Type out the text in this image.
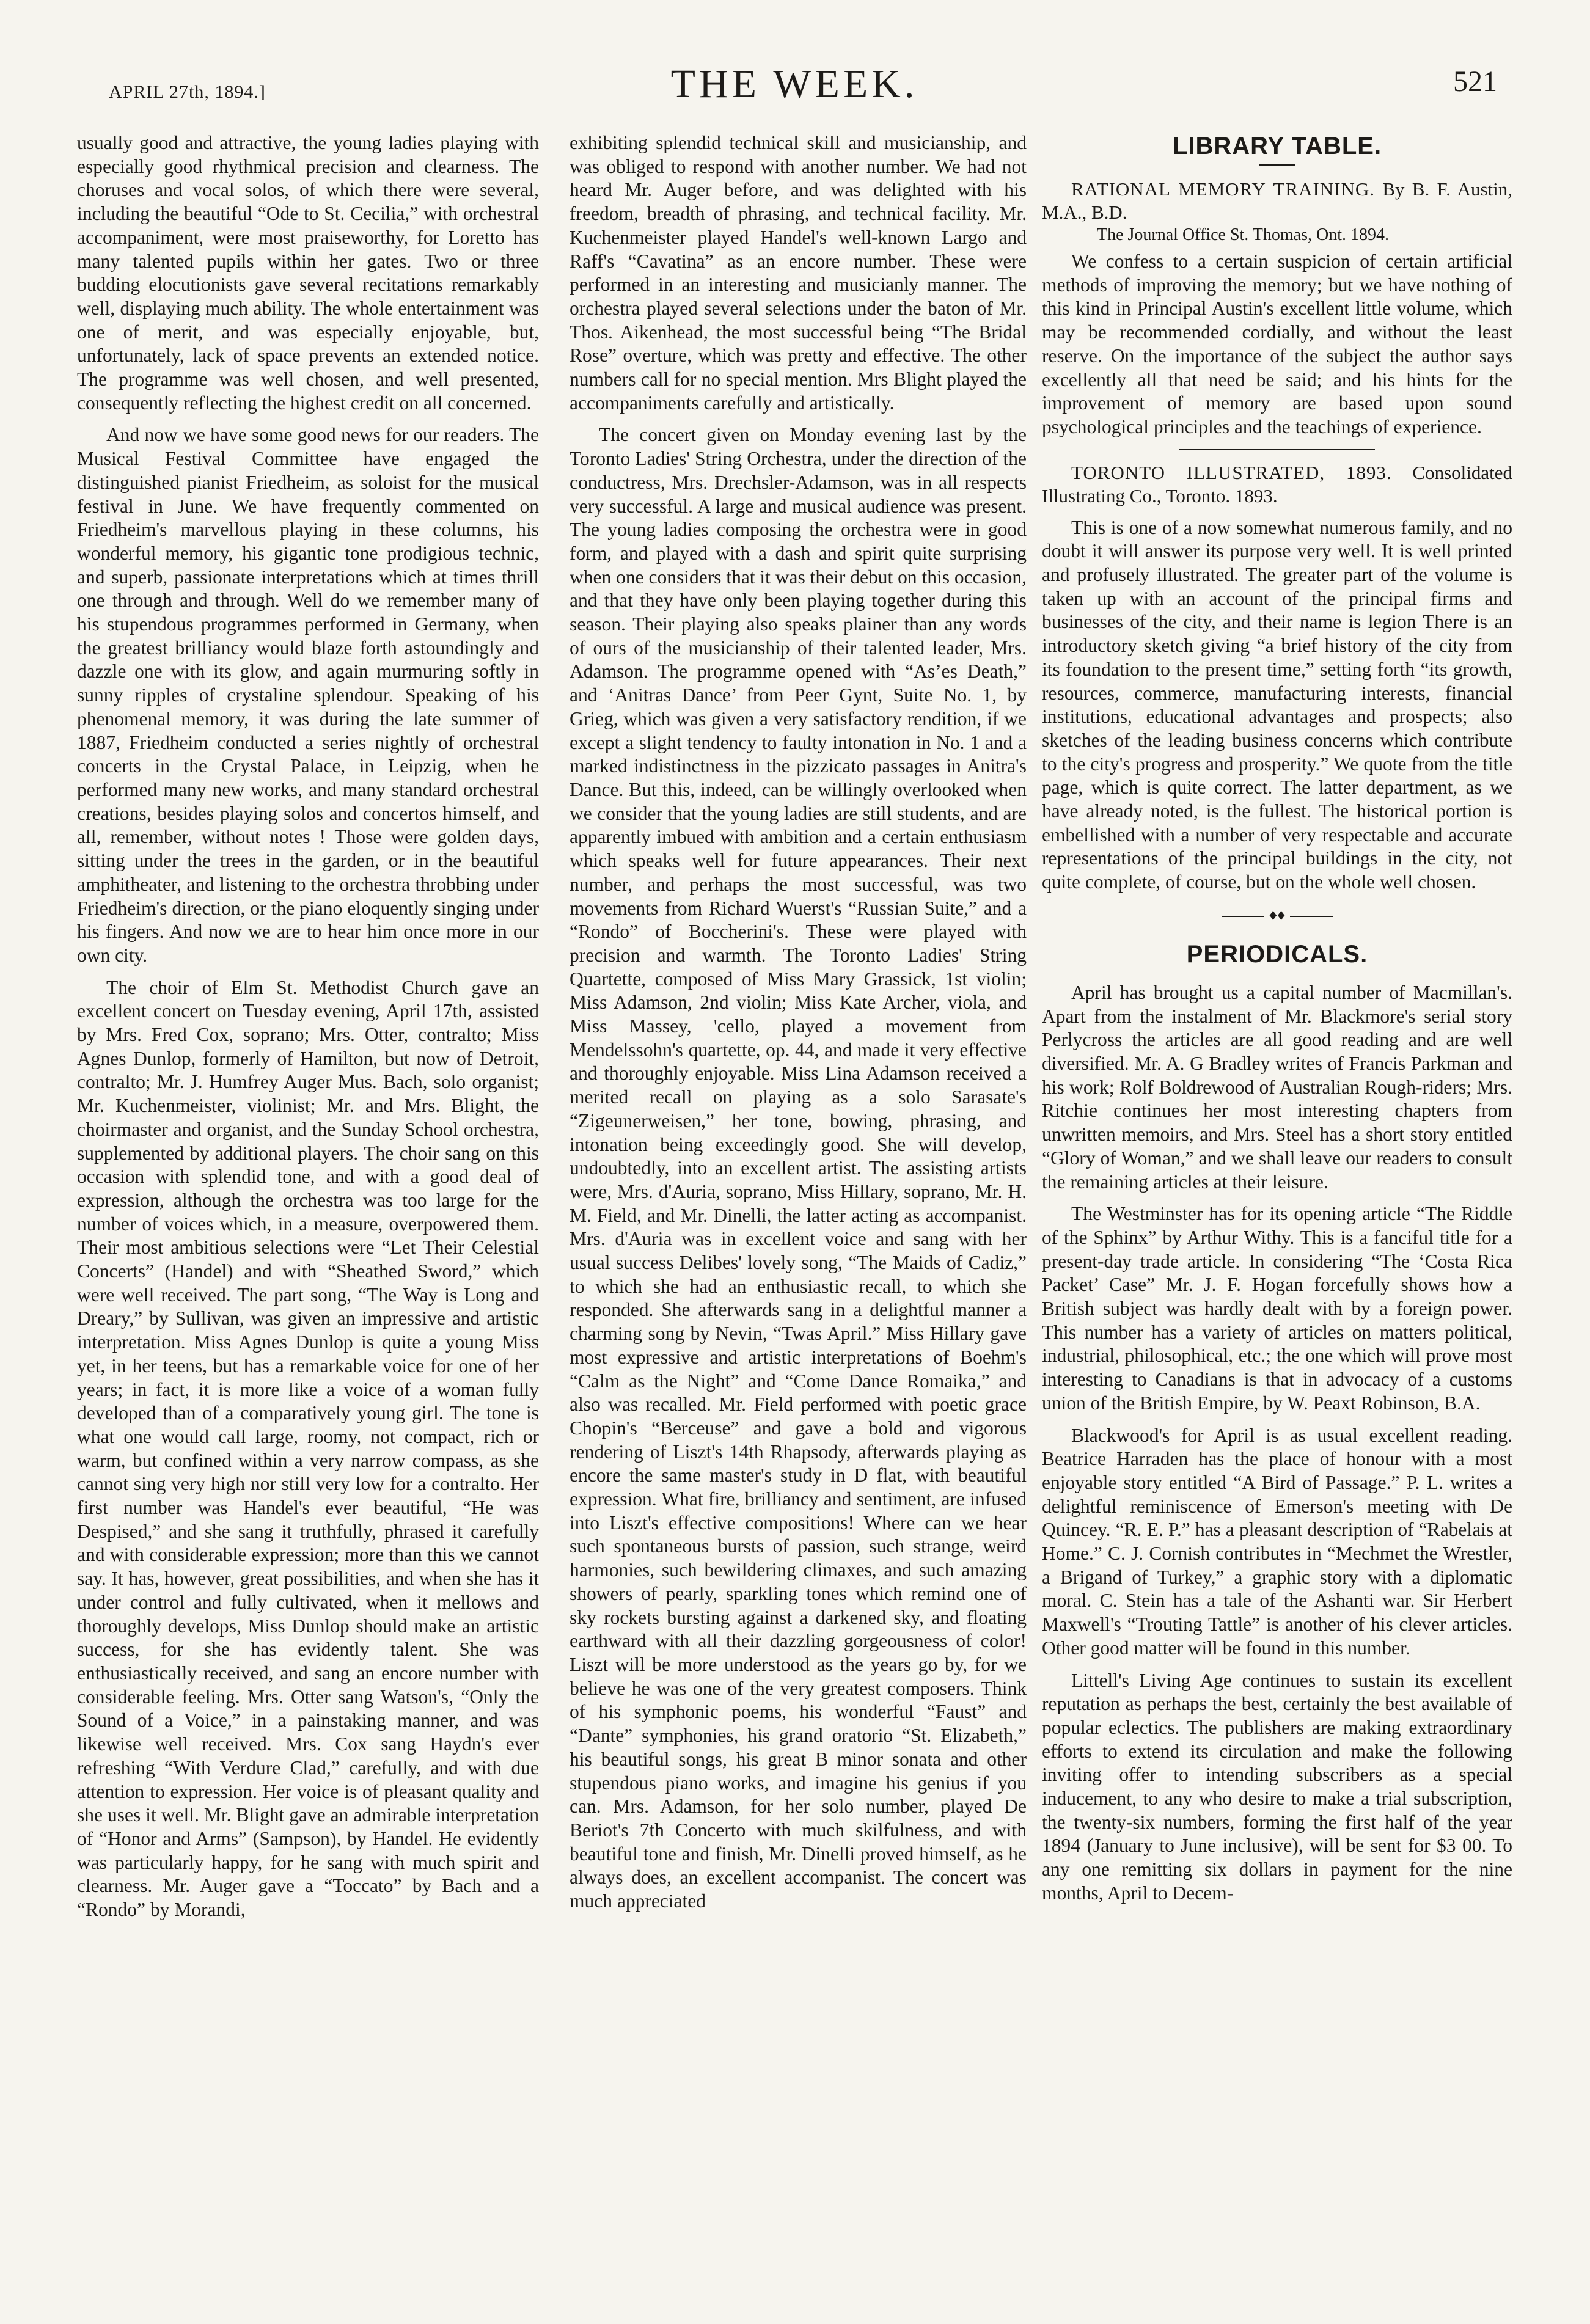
APRIL 27th, 1894.]	THE WEEK.	521

usually good and attractive, the young ladies playing with especially good rhythmical precision and clearness. The choruses and vocal solos, of which there were several, including the beautiful “Ode to St. Cecilia,” with orchestral accompaniment, were most praiseworthy, for Loretto has many talented pupils within her gates. Two or three budding elocutionists gave several recitations remarkably well, displaying much ability. The whole entertainment was one of merit, and was especially enjoyable, but, unfortunately, lack of space prevents an extended notice. The programme was well chosen, and well presented, consequently reflecting the highest credit on all concerned.

And now we have some good news for our readers. The Musical Festival Committee have engaged the distinguished pianist Friedheim, as soloist for the musical festival in June. We have frequently commented on Friedheim's marvellous playing in these columns, his wonderful memory, his gigantic tone prodigious technic, and superb, passionate interpretations which at times thrill one through and through. Well do we remember many of his stupendous programmes performed in Germany, when the greatest brilliancy would blaze forth astoundingly and dazzle one with its glow, and again murmuring softly in sunny ripples of crystaline splendour. Speaking of his phenomenal memory, it was during the late summer of 1887, Friedheim conducted a series nightly of orchestral concerts in the Crystal Palace, in Leipzig, when he performed many new works, and many standard orchestral creations, besides playing solos and concertos himself, and all, remember, without notes ! Those were golden days, sitting under the trees in the garden, or in the beautiful amphitheater, and listening to the orchestra throbbing under Friedheim's direction, or the piano eloquently singing under his fingers. And now we are to hear him once more in our own city.

The choir of Elm St. Methodist Church gave an excellent concert on Tuesday evening, April 17th, assisted by Mrs. Fred Cox, soprano; Mrs. Otter, contralto; Miss Agnes Dunlop, formerly of Hamilton, but now of Detroit, contralto; Mr. J. Humfrey Auger Mus. Bach, solo organist; Mr. Kuchenmeister, violinist; Mr. and Mrs. Blight, the choirmaster and organist, and the Sunday School orchestra, supplemented by additional players. The choir sang on this occasion with splendid tone, and with a good deal of expression, although the orchestra was too large for the number of voices which, in a measure, overpowered them. Their most ambitious selections were “Let Their Celestial Concerts” (Handel) and with “Sheathed Sword,” which were well received. The part song, “The Way is Long and Dreary,” by Sullivan, was given an impressive and artistic interpretation. Miss Agnes Dunlop is quite a young Miss yet, in her teens, but has a remarkable voice for one of her years; in fact, it is more like a voice of a woman fully developed than of a comparatively young girl. The tone is what one would call large, roomy, not compact, rich or warm, but confined within a very narrow compass, as she cannot sing very high nor still very low for a contralto. Her first number was Handel's ever beautiful, “He was Despised,” and she sang it truthfully, phrased it carefully and with considerable expression; more than this we cannot say. It has, however, great possibilities, and when she has it under control and fully cultivated, when it mellows and thoroughly develops, Miss Dunlop should make an artistic success, for she has evidently talent. She was enthusiastically received, and sang an encore number with considerable feeling. Mrs. Otter sang Watson's, “Only the Sound of a Voice,” in a painstaking manner, and was likewise well received. Mrs. Cox sang Haydn's ever refreshing “With Verdure Clad,” carefully, and with due attention to expression. Her voice is of pleasant quality and she uses it well. Mr. Blight gave an admirable interpretation of “Honor and Arms” (Sampson), by Handel. He evidently was particularly happy, for he sang with much spirit and clearness. Mr. Auger gave a “Toccato” by Bach and a “Rondo” by Morandi,

exhibiting splendid technical skill and musicianship, and was obliged to respond with another number. We had not heard Mr. Auger before, and was delighted with his freedom, breadth of phrasing, and technical facility. Mr. Kuchenmeister played Handel's well-known Largo and Raff's “Cavatina” as an encore number. These were performed in an interesting and musicianly manner. The orchestra played several selections under the baton of Mr. Thos. Aikenhead, the most successful being “The Bridal Rose” overture, which was pretty and effective. The other numbers call for no special mention. Mrs Blight played the accompaniments carefully and artistically.

The concert given on Monday evening last by the Toronto Ladies' String Orchestra, under the direction of the conductress, Mrs. Drechsler-Adamson, was in all respects very successful. A large and musical audience was present. The young ladies composing the orchestra were in good form, and played with a dash and spirit quite surprising when one considers that it was their debut on this occasion, and that they have only been playing together during this season. Their playing also speaks plainer than any words of ours of the musicianship of their talented leader, Mrs. Adamson. The programme opened with “As’es Death,” and ‘Anitras Dance’ from Peer Gynt, Suite No. 1, by Grieg, which was given a very satisfactory rendition, if we except a slight tendency to faulty intonation in No. 1 and a marked indistinctness in the pizzicato passages in Anitra's Dance. But this, indeed, can be willingly overlooked when we consider that the young ladies are still students, and are apparently imbued with ambition and a certain enthusiasm which speaks well for future appearances. Their next number, and perhaps the most successful, was two movements from Richard Wuerst's “Russian Suite,” and a “Rondo” of Boccherini's. These were played with precision and warmth. The Toronto Ladies' String Quartette, composed of Miss Mary Grassick, 1st violin; Miss Adamson, 2nd violin; Miss Kate Archer, viola, and Miss Massey, 'cello, played a movement from Mendelssohn's quartette, op. 44, and made it very effective and thoroughly enjoyable. Miss Lina Adamson received a merited recall on playing as a solo Sarasate's “Zigeunerweisen,” her tone, bowing, phrasing, and intonation being exceedingly good. She will develop, undoubtedly, into an excellent artist. The assisting artists were, Mrs. d'Auria, soprano, Miss Hillary, soprano, Mr. H. M. Field, and Mr. Dinelli, the latter acting as accompanist. Mrs. d'Auria was in excellent voice and sang with her usual success Delibes' lovely song, “The Maids of Cadiz,” to which she had an enthusiastic recall, to which she responded. She afterwards sang in a delightful manner a charming song by Nevin, “Twas April.” Miss Hillary gave most expressive and artistic interpretations of Boehm's “Calm as the Night” and “Come Dance Romaika,” and also was recalled. Mr. Field performed with poetic grace Chopin's “Berceuse” and gave a bold and vigorous rendering of Liszt's 14th Rhapsody, afterwards playing as encore the same master's study in D flat, with beautiful expression. What fire, brilliancy and sentiment, are infused into Liszt's effective compositions! Where can we hear such spontaneous bursts of passion, such strange, weird harmonies, such bewildering climaxes, and such amazing showers of pearly, sparkling tones which remind one of sky rockets bursting against a darkened sky, and floating earthward with all their dazzling gorgeousness of color! Liszt will be more understood as the years go by, for we believe he was one of the very greatest composers. Think of his symphonic poems, his wonderful “Faust” and “Dante” symphonies, his grand oratorio “St. Elizabeth,” his beautiful songs, his great B minor sonata and other stupendous piano works, and imagine his genius if you can. Mrs. Adamson, for her solo number, played De Beriot's 7th Concerto with much skilfulness, and with beautiful tone and finish, Mr. Dinelli proved himself, as he always does, an excellent accompanist. The concert was much appreciated

LIBRARY TABLE.

RATIONAL MEMORY TRAINING. By B. F. Austin, M.A., B.D.

The Journal Office St. Thomas, Ont. 1894.

We confess to a certain suspicion of certain artificial methods of improving the memory; but we have nothing of this kind in Principal Austin's excellent little volume, which may be recommended cordially, and without the least reserve. On the importance of the subject the author says excellently all that need be said; and his hints for the improvement of memory are based upon sound psychological principles and the teachings of experience.

TORONTO ILLUSTRATED, 1893. Consolidated Illustrating Co., Toronto. 1893.

This is one of a now somewhat numerous family, and no doubt it will answer its purpose very well. It is well printed and profusely illustrated. The greater part of the volume is taken up with an account of the principal firms and businesses of the city, and their name is legion There is an introductory sketch giving “a brief history of the city from its foundation to the present time,” setting forth “its growth, resources, commerce, manufacturing interests, financial institutions, educational advantages and prospects; also sketches of the leading business concerns which contribute to the city's progress and prosperity.” We quote from the title page, which is quite correct. The latter department, as we have already noted, is the fullest. The historical portion is embellished with a number of very respectable and accurate representations of the principal buildings in the city, not quite complete, of course, but on the whole well chosen.

♦♦
PERIODICALS.

April has brought us a capital number of Macmillan's. Apart from the instalment of Mr. Blackmore's serial story Perlycross the articles are all good reading and are well diversified. Mr. A. G Bradley writes of Francis Parkman and his work; Rolf Boldrewood of Australian Rough-riders; Mrs. Ritchie continues her most interesting chapters from unwritten memoirs, and Mrs. Steel has a short story entitled “Glory of Woman,” and we shall leave our readers to consult the remaining articles at their leisure.

The Westminster has for its opening article “The Riddle of the Sphinx” by Arthur Withy. This is a fanciful title for a present-day trade article. In considering “The ‘Costa Rica Packet’ Case” Mr. J. F. Hogan forcefully shows how a British subject was hardly dealt with by a foreign power. This number has a variety of articles on matters political, industrial, philosophical, etc.; the one which will prove most interesting to Canadians is that in advocacy of a customs union of the British Empire, by W. Peaxt Robinson, B.A.

Blackwood's for April is as usual excellent reading. Beatrice Harraden has the place of honour with a most enjoyable story entitled “A Bird of Passage.” P. L. writes a delightful reminiscence of Emerson's meeting with De Quincey. “R. E. P.” has a pleasant description of “Rabelais at Home.” C. J. Cornish contributes in “Mechmet the Wrestler, a Brigand of Turkey,” a graphic story with a diplomatic moral. C. Stein has a tale of the Ashanti war. Sir Herbert Maxwell's “Trouting Tattle” is another of his clever articles. Other good matter will be found in this number.

Littell's Living Age continues to sustain its excellent reputation as perhaps the best, certainly the best available of popular eclectics. The publishers are making extraordinary efforts to extend its circulation and make the following inviting offer to intending subscribers as a special inducement, to any who desire to make a trial subscription, the twenty-six numbers, forming the first half of the year 1894 (January to June inclusive), will be sent for $3 00. To any one remitting six dollars in payment for the nine months, April to Decem-
